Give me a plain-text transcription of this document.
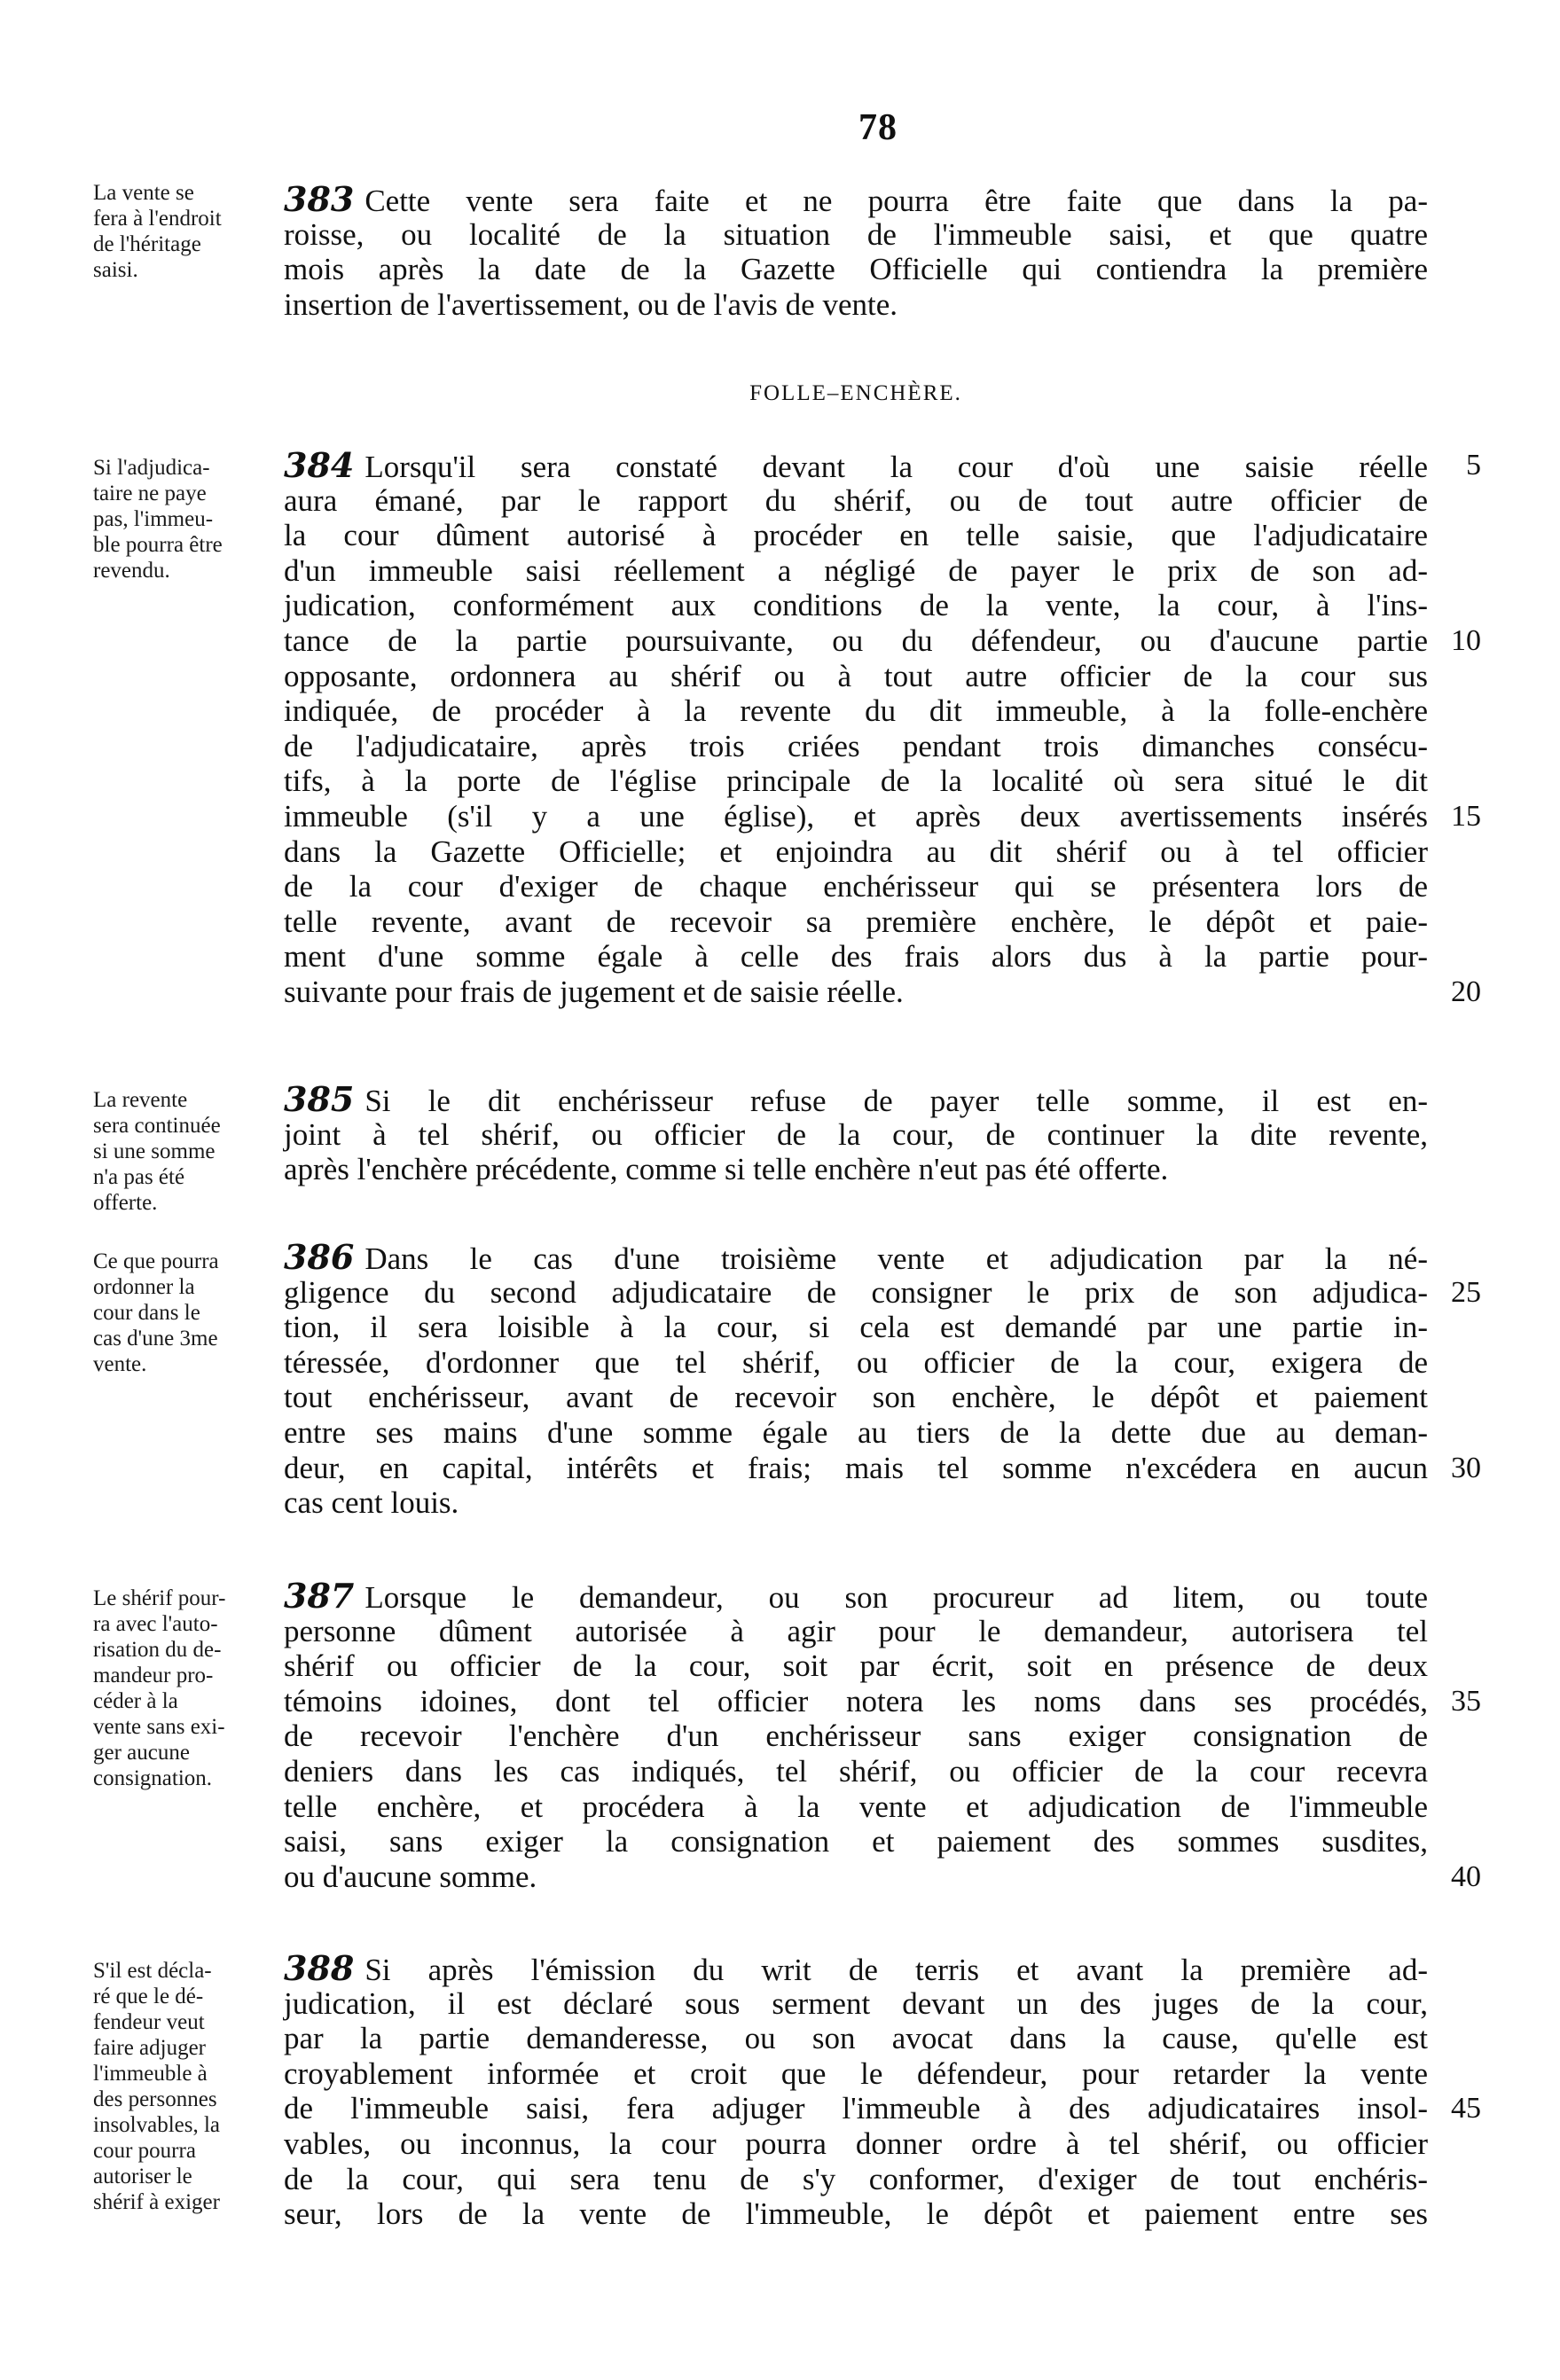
78
La vente se
fera à l'endroit
de l'héritage
saisi.
383 Cette vente sera faite et ne pourra être faite que dans la pa-
roisse, ou localité de la situation de l'immeuble saisi, et que quatre
mois après la date de la Gazette Officielle qui contiendra la première
insertion de l'avertissement, ou de l'avis de vente.
FOLLE–ENCHÈRE.
Si l'adjudica-
taire ne paye
pas, l'immeu-
ble pourra être
revendu.
384 Lorsqu'il sera constaté devant la cour d'où une saisie réelle
aura émané, par le rapport du shérif, ou de tout autre officier de
la cour dûment autorisé à procéder en telle saisie, que l'adjudicataire
d'un immeuble saisi réellement a négligé de payer le prix de son ad-
judication, conformément aux conditions de la vente, la cour, à l'ins-
tance de la partie poursuivante, ou du défendeur, ou d'aucune partie
opposante, ordonnera au shérif ou à tout autre officier de la cour sus
indiquée, de procéder à la revente du dit immeuble, à la folle-enchère
de l'adjudicataire, après trois criées pendant trois dimanches consécu-
tifs, à la porte de l'église principale de la localité où sera situé le dit
immeuble (s'il y a une église), et après deux avertissements insérés
dans la Gazette Officielle; et enjoindra au dit shérif ou à tel officier
de la cour d'exiger de chaque enchérisseur qui se présentera lors de
telle revente, avant de recevoir sa première enchère, le dépôt et paie-
ment d'une somme égale à celle des frais alors dus à la partie pour-
suivante pour frais de jugement et de saisie réelle.
5
10
15
20
La revente
sera continuée
si une somme
n'a pas été
offerte.
385 Si le dit enchérisseur refuse de payer telle somme, il est en-
joint à tel shérif, ou officier de la cour, de continuer la dite revente,
après l'enchère précédente, comme si telle enchère n'eut pas été offerte.
Ce que pourra
ordonner la
cour dans le
cas d'une 3me
vente.
386 Dans le cas d'une troisième vente et adjudication par la né-
gligence du second adjudicataire de consigner le prix de son adjudica-
tion, il sera loisible à la cour, si cela est demandé par une partie in-
téressée, d'ordonner que tel shérif, ou officier de la cour, exigera de
tout enchérisseur, avant de recevoir son enchère, le dépôt et paiement
entre ses mains d'une somme égale au tiers de la dette due au deman-
deur, en capital, intérêts et frais; mais tel somme n'excédera en aucun
cas cent louis.
25
30
Le shérif pour-
ra avec l'auto-
risation du de-
mandeur pro-
céder à la
vente sans exi-
ger aucune
consignation.
387 Lorsque le demandeur, ou son procureur ad litem, ou toute
personne dûment autorisée à agir pour le demandeur, autorisera tel
shérif ou officier de la cour, soit par écrit, soit en présence de deux
témoins idoines, dont tel officier notera les noms dans ses procédés,
de recevoir l'enchère d'un enchérisseur sans exiger consignation de
deniers dans les cas indiqués, tel shérif, ou officier de la cour recevra
telle enchère, et procédera à la vente et adjudication de l'immeuble
saisi, sans exiger la consignation et paiement des sommes susdites,
ou d'aucune somme.
35
40
S'il est décla-
ré que le dé-
fendeur veut
faire adjuger
l'immeuble à
des personnes
insolvables, la
cour pourra
autoriser le
shérif à exiger
388 Si après l'émission du writ de terris et avant la première ad-
judication, il est déclaré sous serment devant un des juges de la cour,
par la partie demanderesse, ou son avocat dans la cause, qu'elle est
croyablement informée et croit que le défendeur, pour retarder la vente
de l'immeuble saisi, fera adjuger l'immeuble à des adjudicataires insol-
vables, ou inconnus, la cour pourra donner ordre à tel shérif, ou officier
de la cour, qui sera tenu de s'y conformer, d'exiger de tout enchéris-
seur, lors de la vente de l'immeuble, le dépôt et paiement entre ses
45
